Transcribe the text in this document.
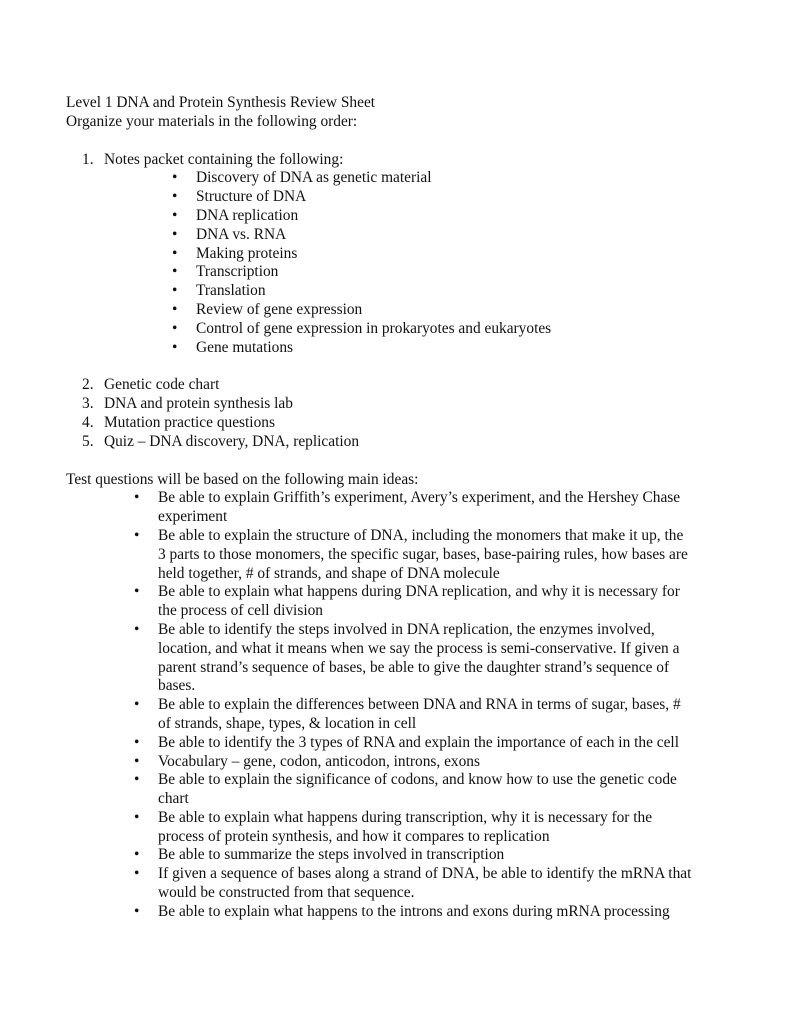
Level 1 DNA and Protein Synthesis Review Sheet
Organize your materials in the following order:
1. Notes packet containing the following:
•	Discovery of DNA as genetic material
•	Structure of DNA
•	DNA replication
•	DNA vs. RNA
•	Making proteins
•	Transcription
•	Translation
•	Review of gene expression
•	Control of gene expression in prokaryotes and eukaryotes
•	Gene mutations
2. Genetic code chart
3. DNA and protein synthesis lab
4. Mutation practice questions
5. Quiz – DNA discovery, DNA, replication
Test questions will be based on the following main ideas:
•	Be able to explain Griffith’s experiment, Avery’s experiment, and the Hershey Chase
experiment
•	Be able to explain the structure of DNA, including the monomers that make it up, the
3 parts to those monomers, the specific sugar, bases, base-pairing rules, how bases are
held together, # of strands, and shape of DNA molecule
•	Be able to explain what happens during DNA replication, and why it is necessary for
the process of cell division
•	Be able to identify the steps involved in DNA replication, the enzymes involved,
location, and what it means when we say the process is semi-conservative. If given a
parent strand’s sequence of bases, be able to give the daughter strand’s sequence of
bases.
•	Be able to explain the differences between DNA and RNA in terms of sugar, bases, #
of strands, shape, types, & location in cell
•	Be able to identify the 3 types of RNA and explain the importance of each in the cell
•	Vocabulary – gene, codon, anticodon, introns, exons
•	Be able to explain the significance of codons, and know how to use the genetic code
chart
•	Be able to explain what happens during transcription, why it is necessary for the
process of protein synthesis, and how it compares to replication
•	Be able to summarize the steps involved in transcription
•	If given a sequence of bases along a strand of DNA, be able to identify the mRNA that
would be constructed from that sequence.
•	Be able to explain what happens to the introns and exons during mRNA processing
